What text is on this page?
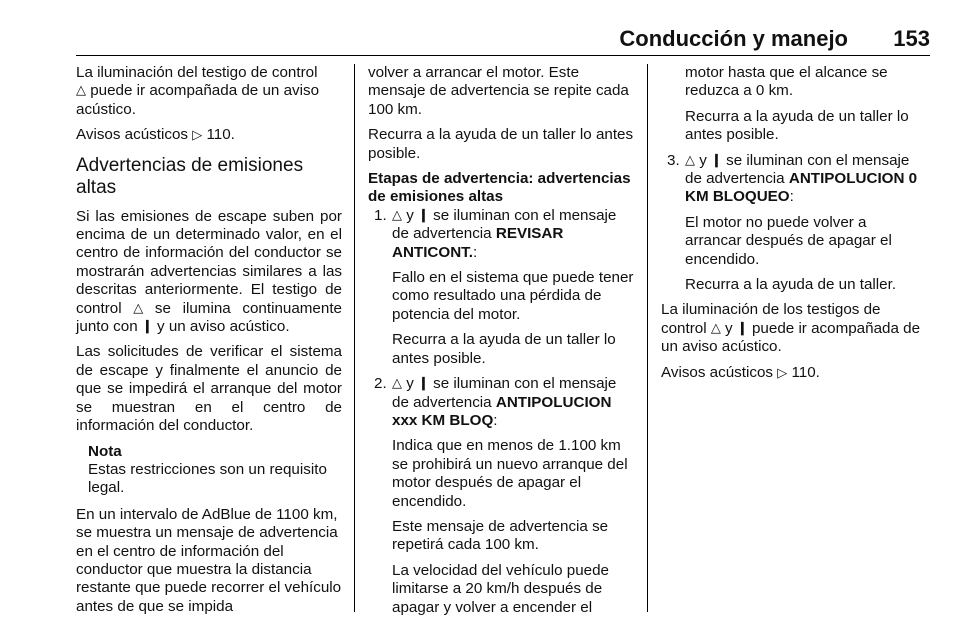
Conducción y manejo 153

La iluminación del testigo de control
△ puede ir acompañada de un aviso acústico.

Avisos acústicos ▷ 110.

Advertencias de emisiones altas

Si las emisiones de escape suben por encima de un determinado valor, en el centro de información del conductor se mostrarán advertencias similares a las descritas anteriormente. El testigo de control △ se ilumina continuamente junto con ❙ y un aviso acústico.

Las solicitudes de verificar el sistema de escape y finalmente el anuncio de que se impedirá el arranque del motor se muestran en el centro de información del conductor.

Nota
Estas restricciones son un requisito legal.

En un intervalo de AdBlue de 1100 km, se muestra un mensaje de advertencia en el centro de información del conductor que muestra la distancia restante que puede recorrer el vehículo antes de que se impida

volver a arrancar el motor. Este mensaje de advertencia se repite cada 100 km.

Recurra a la ayuda de un taller lo antes posible.

Etapas de advertencia: advertencias de emisiones altas

1. △ y ❙ se iluminan con el mensaje de advertencia REVISAR ANTICONT.:

Fallo en el sistema que puede tener como resultado una pérdida de potencia del motor.

Recurra a la ayuda de un taller lo antes posible.

2. △ y ❙ se iluminan con el mensaje de advertencia ANTIPOLUCION xxx KM BLOQ:

Indica que en menos de 1.100 km se prohibirá un nuevo arranque del motor después de apagar el encendido.

Este mensaje de advertencia se repetirá cada 100 km.

La velocidad del vehículo puede limitarse a 20 km/h después de apagar y volver a encender el

motor hasta que el alcance se reduzca a 0 km.

Recurra a la ayuda de un taller lo antes posible.

3. △ y ❙ se iluminan con el mensaje de advertencia ANTIPOLUCION 0 KM BLOQUEO:

El motor no puede volver a arrancar después de apagar el encendido.

Recurra a la ayuda de un taller.

La iluminación de los testigos de control △ y ❙ puede ir acompañada de un aviso acústico.

Avisos acústicos ▷ 110.
